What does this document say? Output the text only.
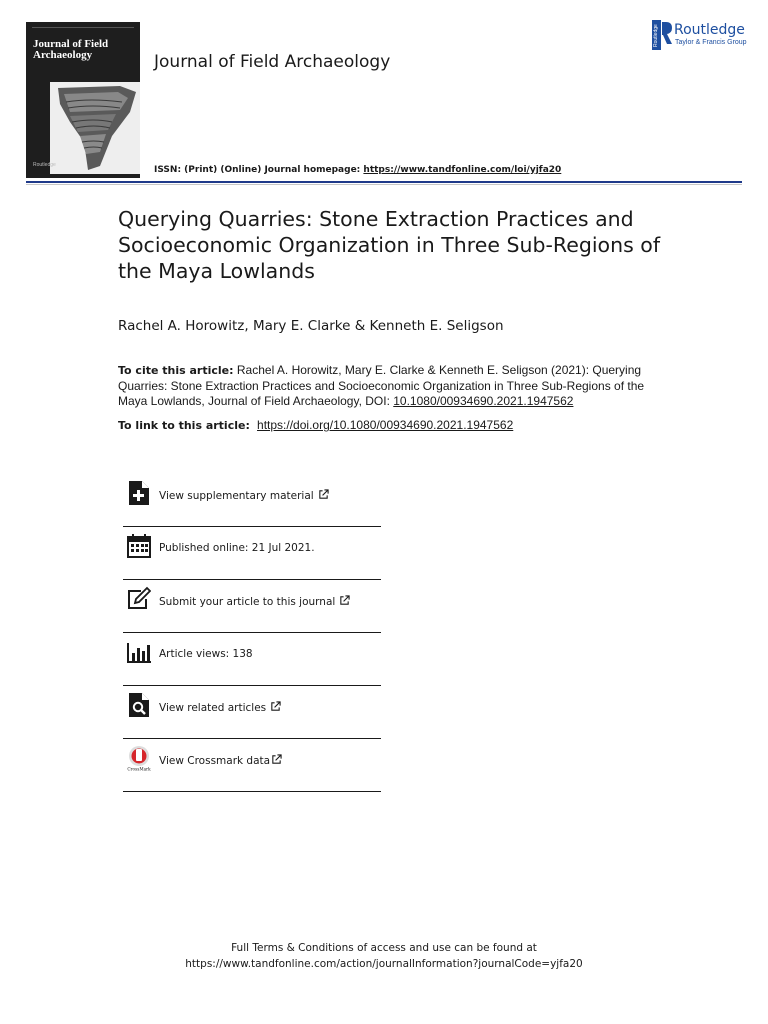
Journal of Field Archaeology
Routledge
Journal of Field Archaeology
ISSN: (Print) (Online) Journal homepage: https://www.tandfonline.com/loi/yjfa20
Routledge Routledge
Taylor & Francis Group
Querying Quarries: Stone Extraction Practices and Socioeconomic Organization in Three Sub-Regions of the Maya Lowlands
Rachel A. Horowitz, Mary E. Clarke & Kenneth E. Seligson
To cite this article: Rachel A. Horowitz, Mary E. Clarke & Kenneth E. Seligson (2021): Querying Quarries: Stone Extraction Practices and Socioeconomic Organization in Three Sub-Regions of the Maya Lowlands, Journal of Field Archaeology, DOI: 10.1080/00934690.2021.1947562
To link to this article:  https://doi.org/10.1080/00934690.2021.1947562
View supplementary material
Published online: 21 Jul 2021.
Submit your article to this journal
Article views: 138
View related articles
CrossMark
View Crossmark data
Full Terms & Conditions of access and use can be found at
https://www.tandfonline.com/action/journalInformation?journalCode=yjfa20
